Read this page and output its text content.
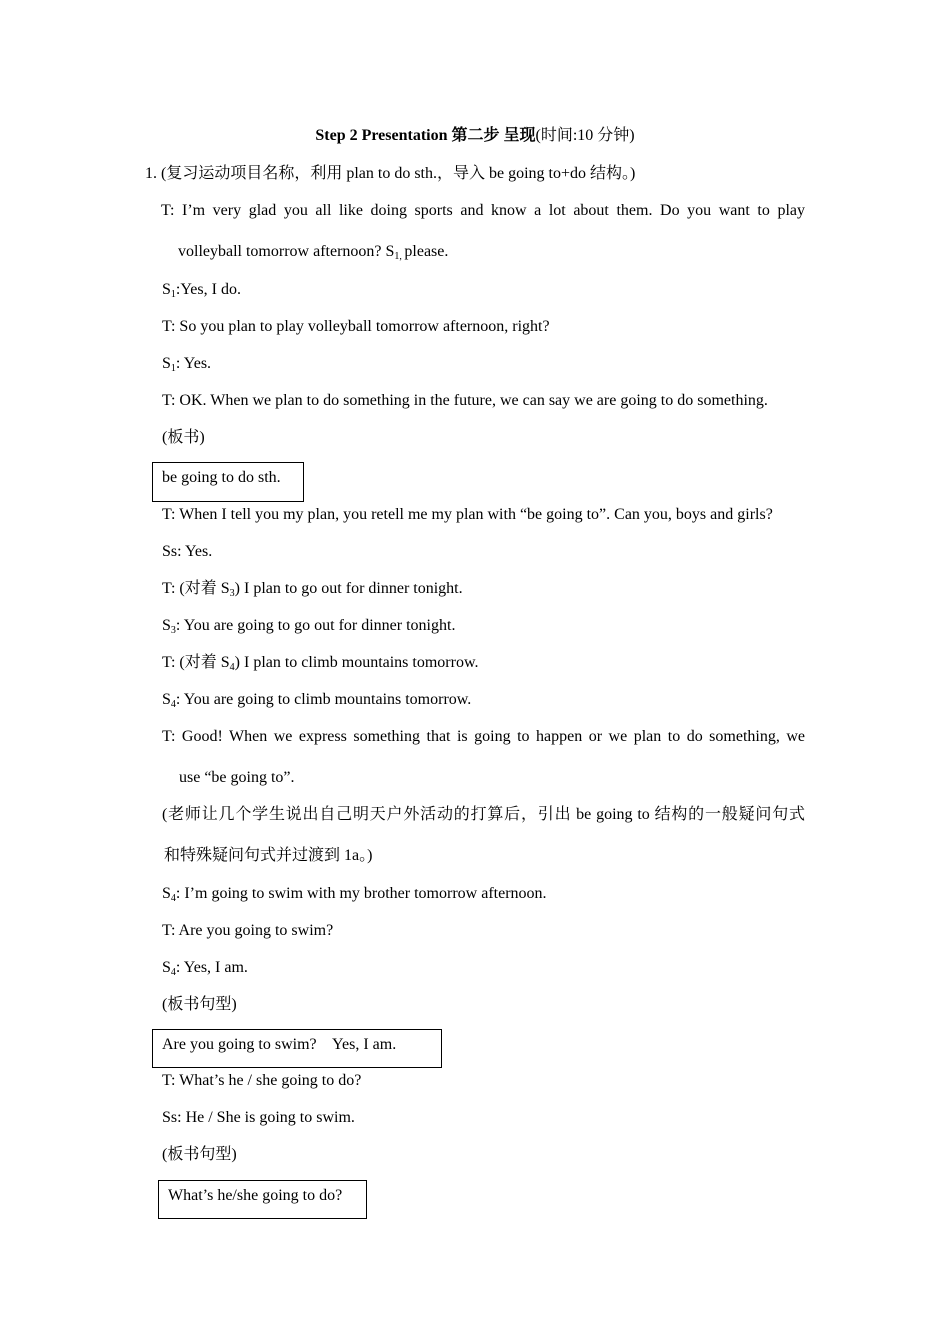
Step 2 Presentation 第二步 呈现(时间:10 分钟)
1. (复习运动项目名称，利用 plan to do sth.，导入 be going to+do 结构。)
T: I’m very glad you all like doing sports and know a lot about them. Do you want to play
volleyball tomorrow afternoon? $S_{1,}$ please.
$S_1:Yes$, I do.
T: So you plan to play volleyball tomorrow afternoon, right?
$S_1$: Yes.
T: OK. When we plan to do something in the future, we can say we are going to do something.
(板书)
be going to do sth.
T: When I tell you my plan, you retell me my plan with “be going to”. Can you, boys and girls?
Ss: Yes.
T: (对着 $S_3$) I plan to go out for dinner tonight.
$S_3$: You are going to go out for dinner tonight.
T: (对着 $S_4$) I plan to climb mountains tomorrow.
$S_4$: You are going to climb mountains tomorrow.
T: Good! When we express something that is going to happen or we plan to do something, we
use “be going to”.
(老师让几个学生说出自己明天户外活动的打算后，引出 be going to 结构的一般疑问句式
和特殊疑问句式并过渡到 1a。)
$S_4$: I’m going to swim with my brother tomorrow afternoon.
T: Are you going to swim?
$S_4$: Yes, I am.
(板书句型)
Are you going to swim?    Yes, I am.
T: What’s he / she going to do?
Ss: He / She is going to swim.
(板书句型)
What’s he/she going to do?
